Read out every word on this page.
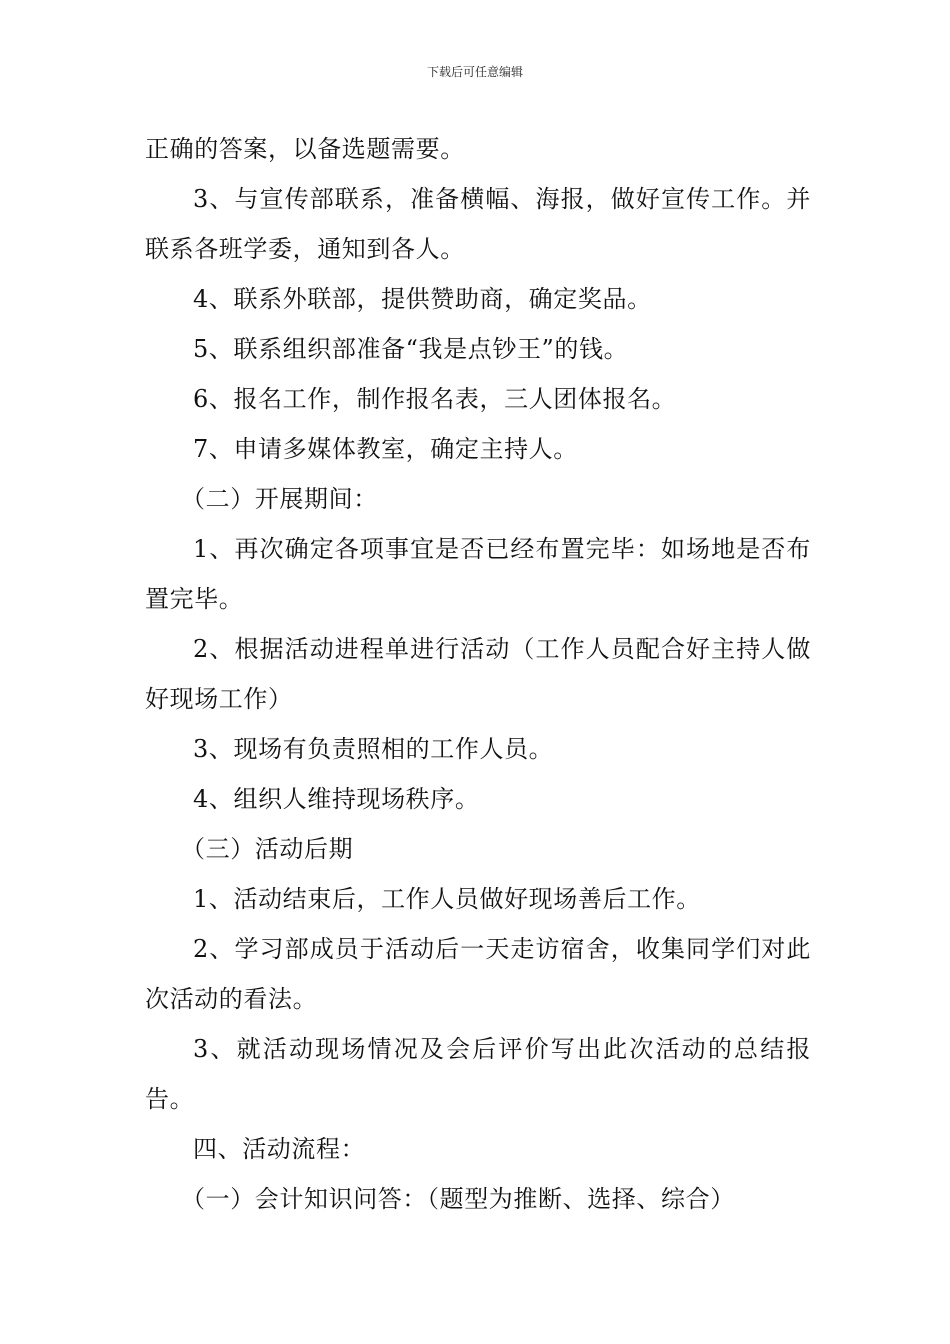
下载后可任意编辑

正确的答案，以备选题需要。

3、与宣传部联系，准备横幅、海报，做好宣传工作。并联系各班学委，通知到各人。

4、联系外联部，提供赞助商，确定奖品。

5、联系组织部准备“我是点钞王”的钱。

6、报名工作，制作报名表，三人团体报名。

7、申请多媒体教室，确定主持人。

（二）开展期间：

1、再次确定各项事宜是否已经布置完毕：如场地是否布置完毕。

2、根据活动进程单进行活动（工作人员配合好主持人做好现场工作）

3、现场有负责照相的工作人员。

4、组织人维持现场秩序。

（三）活动后期

1、活动结束后，工作人员做好现场善后工作。

2、学习部成员于活动后一天走访宿舍，收集同学们对此次活动的看法。

3、就活动现场情况及会后评价写出此次活动的总结报告。

四、活动流程：

（一）会计知识问答：（题型为推断、选择、综合）
